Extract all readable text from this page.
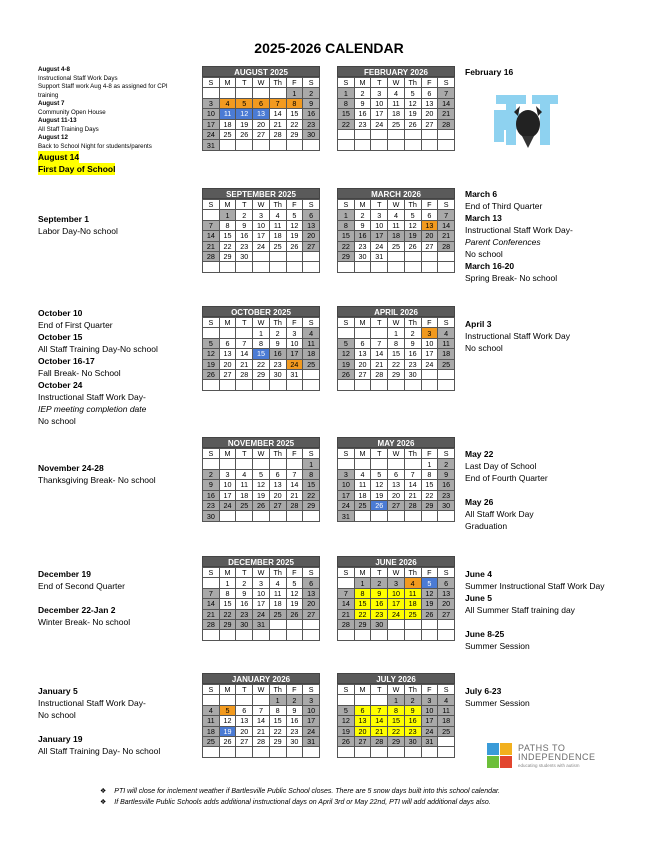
2025-2026 CALENDAR
AUGUST 2025
S	M	T	W	Th	F	S
					1	2
3	4	5	6	7	8	9
10	11	12	13	14	15	16
17	18	19	20	21	22	23
24	25	26	27	28	29	30
31						
FEBRUARY 2026
S	M	T	W	Th	F	S
1	2	3	4	5	6	7
8	9	10	11	12	13	14
15	16	17	18	19	20	21
22	23	24	25	26	27	28

SEPTEMBER 2025
S	M	T	W	Th	F	S
	1	2	3	4	5	6
7	8	9	10	11	12	13
14	15	16	17	18	19	20
21	22	23	24	25	26	27
28	29	30				

MARCH 2026
S	M	T	W	Th	F	S
1	2	3	4	5	6	7
8	9	10	11	12	13	14
15	16	17	18	19	20	21
22	23	24	25	26	27	28
29	30	31				

OCTOBER 2025
S	M	T	W	Th	F	S
			1	2	3	4
5	6	7	8	9	10	11
12	13	14	15	16	17	18
19	20	21	22	23	24	25
26	27	28	29	30	31	

APRIL 2026
S	M	T	W	Th	F	S
			1	2	3	4
5	6	7	8	9	10	11
12	13	14	15	16	17	18
19	20	21	22	23	24	25
26	27	28	29	30		

NOVEMBER 2025
S	M	T	W	Th	F	S
						1
2	3	4	5	6	7	8
9	10	11	12	13	14	15
16	17	18	19	20	21	22
23	24	25	26	27	28	29
30						
MAY 2026
S	M	T	W	Th	F	S
					1	2
3	4	5	6	7	8	9
10	11	12	13	14	15	16
17	18	19	20	21	22	23
24	25	26	27	28	29	30
31						
DECEMBER 2025
S	M	T	W	Th	F	S
	1	2	3	4	5	6
7	8	9	10	11	12	13
14	15	16	17	18	19	20
21	22	23	24	25	26	27
28	29	30	31			

JUNE 2026
S	M	T	W	Th	F	S
	1	2	3	4	5	6
7	8	9	10	11	12	13
14	15	16	17	18	19	20
21	22	23	24	25	26	27
28	29	30				

JANUARY 2026
S	M	T	W	Th	F	S
				1	2	3
4	5	6	7	8	9	10
11	12	13	14	15	16	17
18	19	20	21	22	23	24
25	26	27	28	29	30	31

JULY 2026
S	M	T	W	Th	F	S
			1	2	3	4
5	6	7	8	9	10	11
12	13	14	15	16	17	18
19	20	21	22	23	24	25
26	27	28	29	30	31	

August 4-8
Instructional Staff Work Days
Support Staff work Aug 4-8 as assigned for CPI
training
August 7
Community Open House
August 11-13
All Staff Training Days
August 12
Back to School Night for students/parents
August 14
First Day of School
September 1
Labor Day-No school
October 10
End of First Quarter
October 15
All Staff Training Day-No school
October 16-17
Fall Break- No School
October 24
Instructional Staff Work Day-
IEP meeting completion date
No school
November 24-28
Thanksgiving Break- No school
December 19
End of Second Quarter

December 22-Jan 2
Winter Break- No school
January 5
Instructional Staff Work Day-
No school

January 19
All Staff Training Day- No school
February 16
March 6
End of Third Quarter
March 13
Instructional Staff Work Day-
Parent Conferences
No school
March 16-20
Spring Break- No school
April 3
Instructional Staff Work Day
No school
May 22
Last Day of School
End of Fourth Quarter

May 26
All Staff Work Day
Graduation
June 4
Summer Instructional Staff Work Day
June 5
All Summer Staff training day

June 8-25
Summer Session
July 6-23
Summer Session
PATHS TO
INDEPENDENCE
educating students with autism
❖ PTI will close for inclement weather if Bartlesville Public School closes. There are 5 snow days built into this school calendar.
❖ If Bartlesville Public Schools adds additional instructional days on April 3rd or May 22nd, PTI will add additional days also.
